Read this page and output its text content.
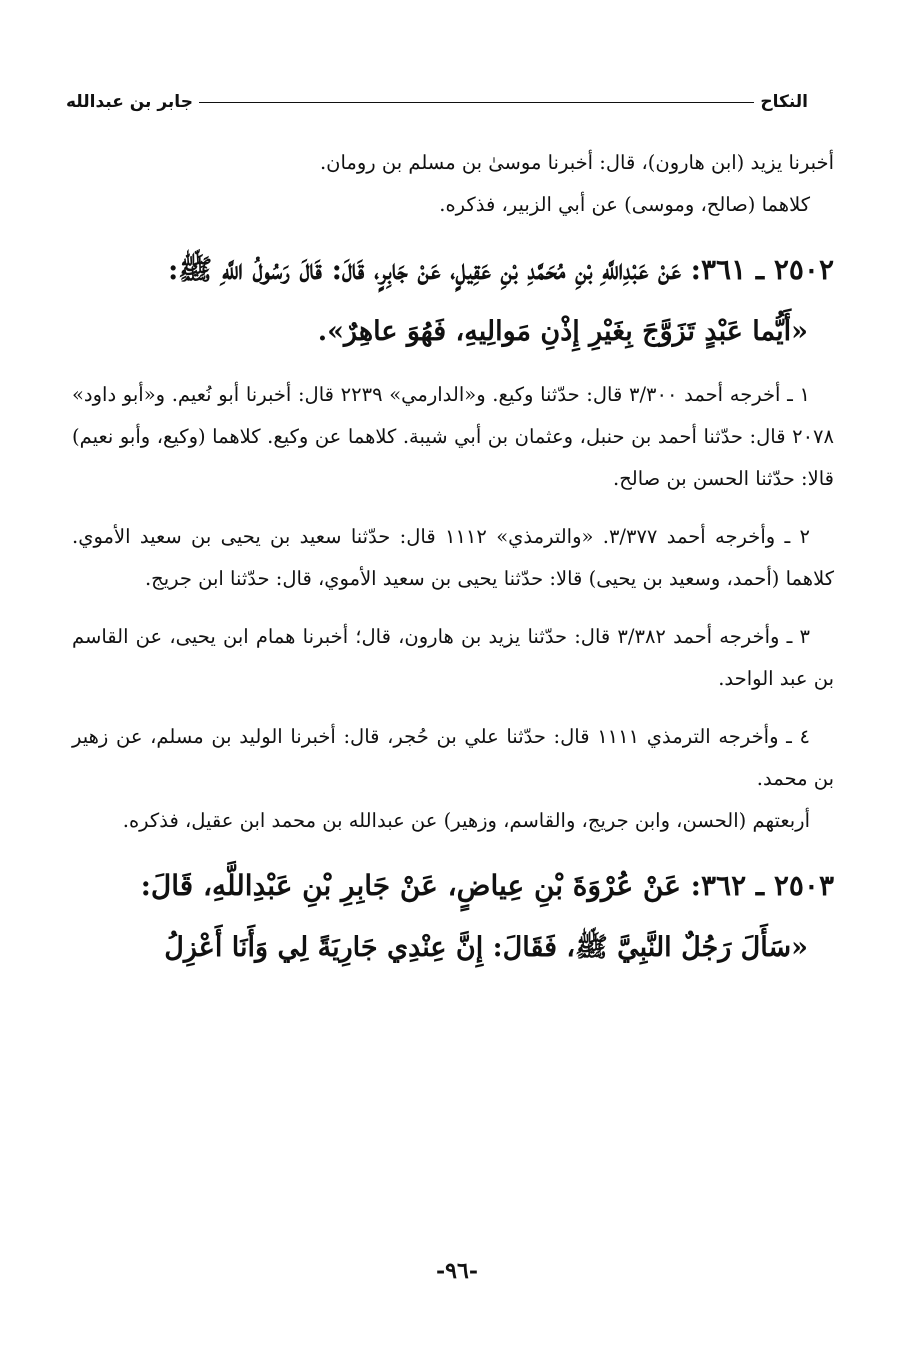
النكاح
جابر بن عبدالله

أخبرنا يزيد (ابن هارون)، قال: أخبرنا موسىٰ بن مسلم بن رومان.

كلاهما (صالح، وموسى) عن أبي الزبير، فذكره.

٢٥٠٢ ـ ٣٦١: عَنْ عَبْدِاللَّهِ بْنِ مُحَمَّدِ بْنِ عَقِيلٍ، عَنْ جَابِرٍ، قَالَ: قَالَ رَسُولُ اللَّهِ ﷺ:

«أَيُّما عَبْدٍ تَزَوَّجَ بِغَيْرِ إِذْنِ مَوالِيهِ، فَهُوَ عاهِرٌ».

١ ـ أخرجه أحمد ٣/٣٠٠ قال: حدّثنا وكيع. و«الدارمي» ٢٢٣٩ قال: أخبرنا أبو نُعيم. و«أبو داود» ٢٠٧٨ قال: حدّثنا أحمد بن حنبل، وعثمان بن أبي شيبة. كلاهما عن وكيع. كلاهما (وكيع، وأبو نعيم) قالا: حدّثنا الحسن بن صالح.

٢ ـ وأخرجه أحمد ٣/٣٧٧. «والترمذي» ١١١٢ قال: حدّثنا سعيد بن يحيى بن سعيد الأموي. كلاهما (أحمد، وسعيد بن يحيى) قالا: حدّثنا يحيى بن سعيد الأموي، قال: حدّثنا ابن جريج.

٣ ـ وأخرجه أحمد ٣/٣٨٢ قال: حدّثنا يزيد بن هارون، قال؛ أخبرنا همام ابن يحيى، عن القاسم بن عبد الواحد.

٤ ـ وأخرجه الترمذي ١١١١ قال: حدّثنا علي بن حُجر، قال: أخبرنا الوليد بن مسلم، عن زهير بن محمد.

أربعتهم (الحسن، وابن جريج، والقاسم، وزهير) عن عبدالله بن محمد ابن عقيل، فذكره.

٢٥٠٣ ـ ٣٦٢: عَنْ عُرْوَةَ بْنِ عِياضٍ، عَنْ جَابِرِ بْنِ عَبْدِاللَّهِ، قَالَ:

«سَأَلَ رَجُلٌ النَّبِيَّ ﷺ، فَقَالَ: إِنَّ عِنْدِي جَارِيَةً لِي وَأَنَا أَعْزِلُ

-٩٦-
